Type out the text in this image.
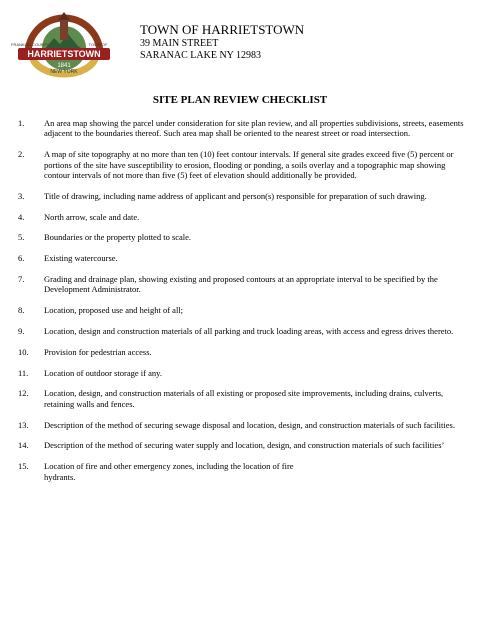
HARRIETSTOWN
1841
NEW YORK
FRANKLIN COUNTY	TOWN OF
TOWN OF HARRIETSTOWN
39 MAIN STREET
SARANAC LAKE NY 12983
SITE PLAN REVIEW CHECKLIST
1.	An area map showing the parcel under consideration for site plan review, and all properties subdivisions, streets, easements adjacent to the boundaries thereof. Such area map shall be oriented to the nearest street or road intersection.
2.	A map of site topography at no more than ten (10) feet contour intervals. If general site grades exceed five (5) percent or portions of the site have susceptibility to erosion, flooding or ponding, a soils overlay and a topographic map showing contour intervals of not more than five (5) feet of elevation should additionally be provided.
3.	Title of drawing, including name address of applicant and person(s) responsible for preparation of such drawing.
4.	North arrow, scale and date.
5.	Boundaries or the property plotted to scale.
6.	Existing watercourse.
7.	Grading and drainage plan, showing existing and proposed contours at an appropriate interval to be specified by the Development Administrator.
8.	Location, proposed use and height of all;
9.	Location, design and construction materials of all parking and truck loading areas, with access and egress drives thereto.
10.	Provision for pedestrian access.
11.	Location of outdoor storage if any.
12.	Location, design, and construction materials of all existing or proposed site improvements, including drains, culverts, retaining walls and fences.
13.	Description of the method of securing sewage disposal and location, design, and construction materials of such facilities.
14.	Description of the method of securing water supply and location, design, and construction materials of such facilities’
15.	Location of fire and other emergency zones, including the location of fire
hydrants.
